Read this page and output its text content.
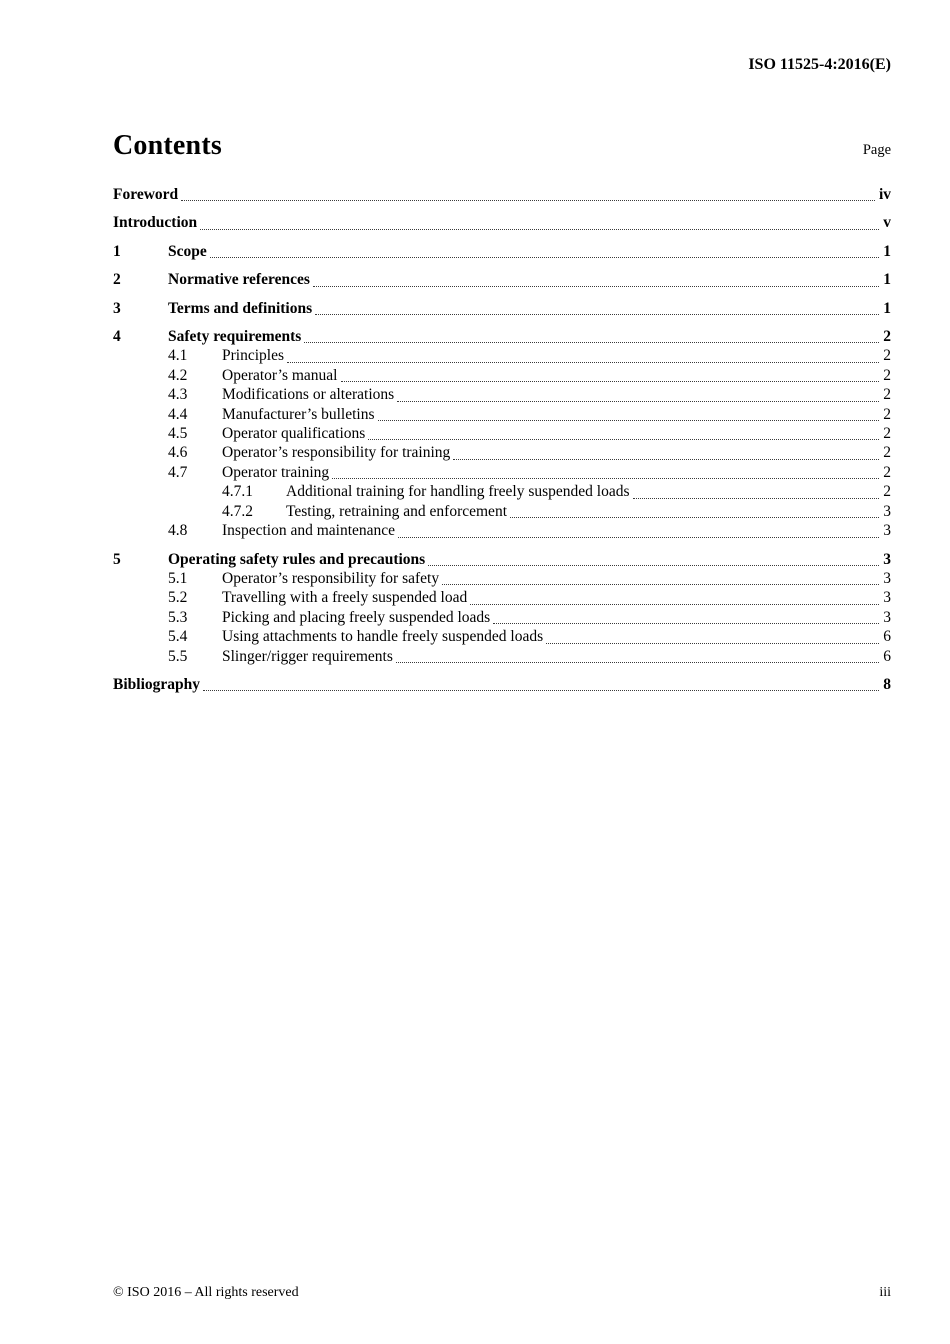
ISO 11525-4:2016(E)
Contents	Page
Foreword	iv
Introduction	v
1	Scope	1
2	Normative references	1
3	Terms and definitions	1
4	Safety requirements	2
4.1	Principles	2
4.2	Operator’s manual	2
4.3	Modifications or alterations	2
4.4	Manufacturer’s bulletins	2
4.5	Operator qualifications	2
4.6	Operator’s responsibility for training	2
4.7	Operator training	2
4.7.1	Additional training for handling freely suspended loads	2
4.7.2	Testing, retraining and enforcement	3
4.8	Inspection and maintenance	3
5	Operating safety rules and precautions	3
5.1	Operator’s responsibility for safety	3
5.2	Travelling with a freely suspended load	3
5.3	Picking and placing freely suspended loads	3
5.4	Using attachments to handle freely suspended loads	6
5.5	Slinger/rigger requirements	6
Bibliography	8
© ISO 2016 – All rights reserved	iii
